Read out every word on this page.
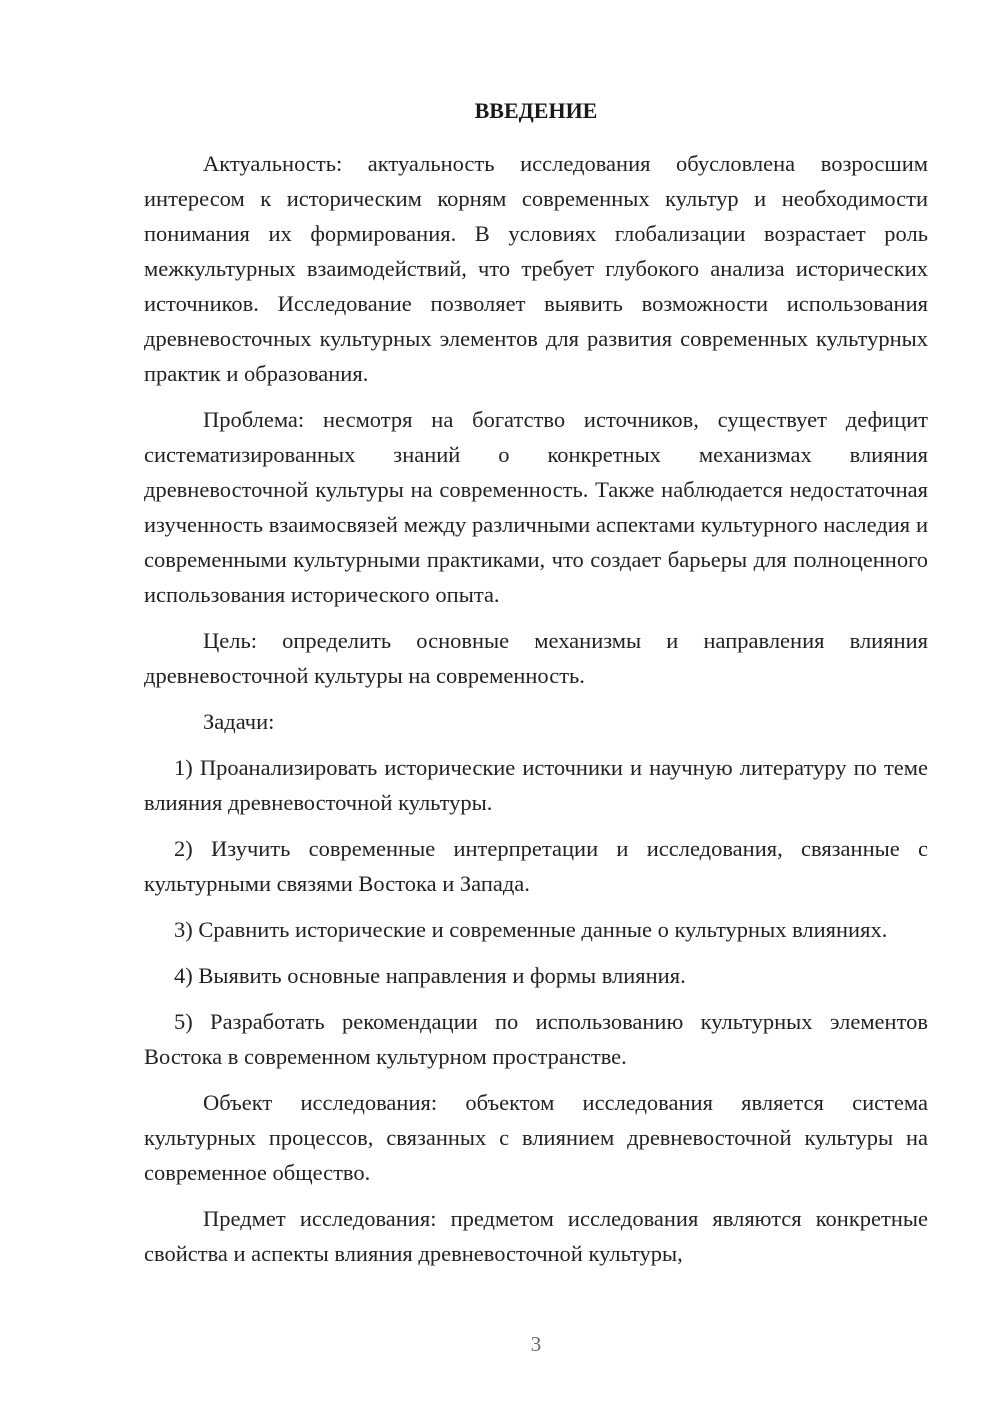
ВВЕДЕНИЕ

Актуальность: актуальность исследования обусловлена возросшим интересом к историческим корням современных культур и необходимости понимания их формирования. В условиях глобализации возрастает роль межкультурных взаимодействий, что требует глубокого анализа исторических источников. Исследование позволяет выявить возможности использования древневосточных культурных элементов для развития современных культурных практик и образования.

Проблема: несмотря на богатство источников, существует дефицит систематизированных знаний о конкретных механизмах влияния древневосточной культуры на современность. Также наблюдается недостаточная изученность взаимосвязей между различными аспектами культурного наследия и современными культурными практиками, что создает барьеры для полноценного использования исторического опыта.

Цель: определить основные механизмы и направления влияния древневосточной культуры на современность.

Задачи:

1) Проанализировать исторические источники и научную литературу по теме влияния древневосточной культуры.

2) Изучить современные интерпретации и исследования, связанные с культурными связями Востока и Запада.

3) Сравнить исторические и современные данные о культурных влияниях.

4) Выявить основные направления и формы влияния.

5) Разработать рекомендации по использованию культурных элементов Востока в современном культурном пространстве.

Объект исследования: объектом исследования является система культурных процессов, связанных с влиянием древневосточной культуры на современное общество.

Предмет исследования: предметом исследования являются конкретные свойства и аспекты влияния древневосточной культуры,

3
